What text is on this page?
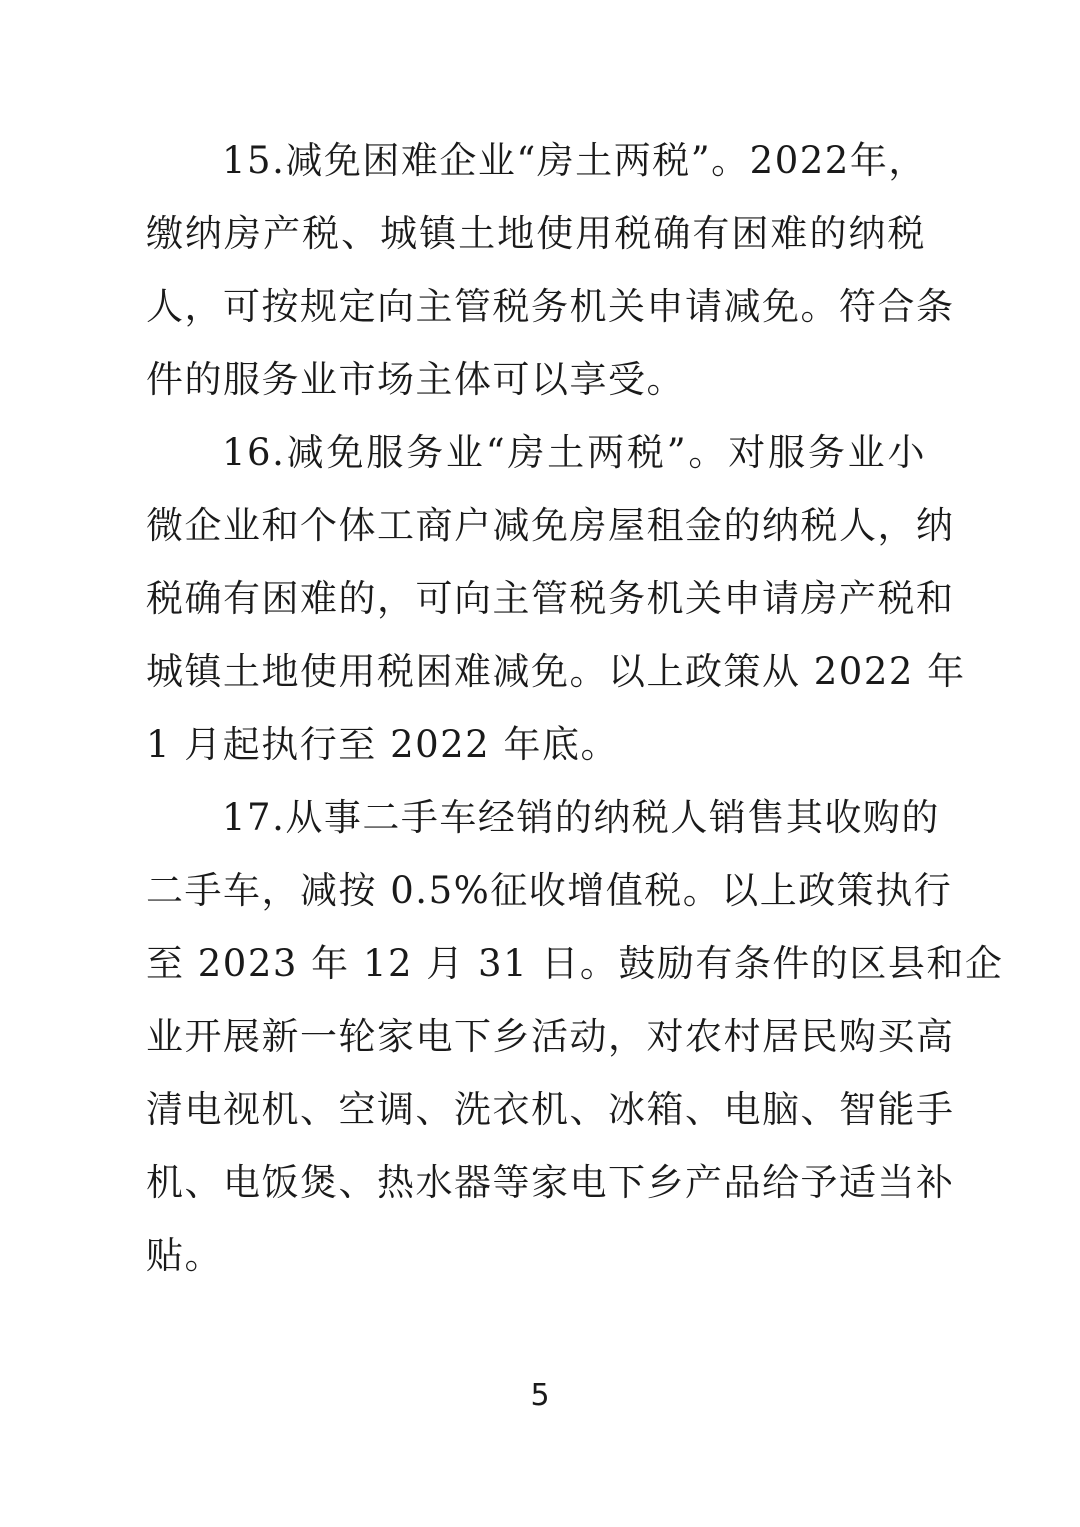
15.减免困难企业“房土两税”。2022年，
缴纳房产税、城镇土地使用税确有困难的纳税
人，可按规定向主管税务机关申请减免。符合条
件的服务业市场主体可以享受。
16.减免服务业“房土两税”。对服务业小
微企业和个体工商户减免房屋租金的纳税人，纳
税确有困难的，可向主管税务机关申请房产税和
城镇土地使用税困难减免。以上政策从 2022 年
1 月起执行至 2022 年底。
17.从事二手车经销的纳税人销售其收购的
二手车，减按 0.5%征收增值税。以上政策执行
至 2023 年 12 月 31 日。鼓励有条件的区县和企
业开展新一轮家电下乡活动，对农村居民购买高
清电视机、空调、洗衣机、冰箱、电脑、智能手
机、电饭煲、热水器等家电下乡产品给予适当补
贴。
5
